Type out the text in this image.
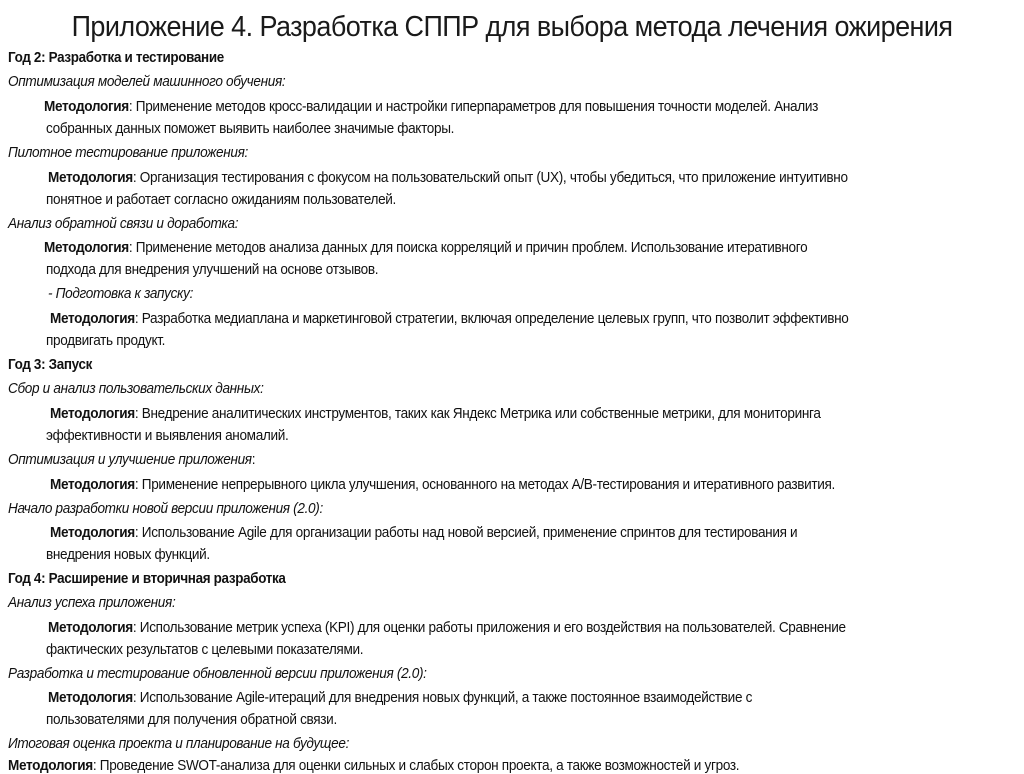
Приложение 4. Разработка СППР для выбора метода лечения ожирения
Год 2: Разработка и тестирование
Оптимизация моделей машинного обучения:
Методология: Применение методов кросс-валидации и настройки гиперпараметров для повышения точности моделей. Анализ
собранных данных поможет выявить наиболее значимые факторы.
Пилотное тестирование приложения:
Методология: Организация тестирования с фокусом на пользовательский опыт (UX), чтобы убедиться, что приложение интуитивно
понятное и работает согласно ожиданиям пользователей.
Анализ обратной связи и доработка:
Методология: Применение методов анализа данных для поиска корреляций и причин проблем. Использование итеративного
подхода для внедрения улучшений на основе отзывов.
- Подготовка к запуску:
Методология: Разработка медиаплана и маркетинговой стратегии, включая определение целевых групп, что позволит эффективно
продвигать продукт.
Год 3: Запуск
Сбор и анализ пользовательских данных:
Методология: Внедрение аналитических инструментов, таких как Яндекс Метрика или собственные метрики, для мониторинга
эффективности и выявления аномалий.
Оптимизация и улучшение приложения:
Методология: Применение непрерывного цикла улучшения, основанного на методах A/B-тестирования и итеративного развития.
Начало разработки новой версии приложения (2.0):
Методология: Использование Agile для организации работы над новой версией, применение спринтов для тестирования и
внедрения новых функций.
Год 4: Расширение и вторичная разработка
Анализ успеха приложения:
Методология: Использование метрик успеха (KPI) для оценки работы приложения и его воздействия на пользователей. Сравнение
фактических результатов с целевыми показателями.
Разработка и тестирование обновленной версии приложения (2.0):
Методология: Использование Agile-итераций для внедрения новых функций, а также постоянное взаимодействие с
пользователями для получения обратной связи.
Итоговая оценка проекта и планирование на будущее:
Методология: Проведение SWOT-анализа для оценки сильных и слабых сторон проекта, а также возможностей и угроз.
